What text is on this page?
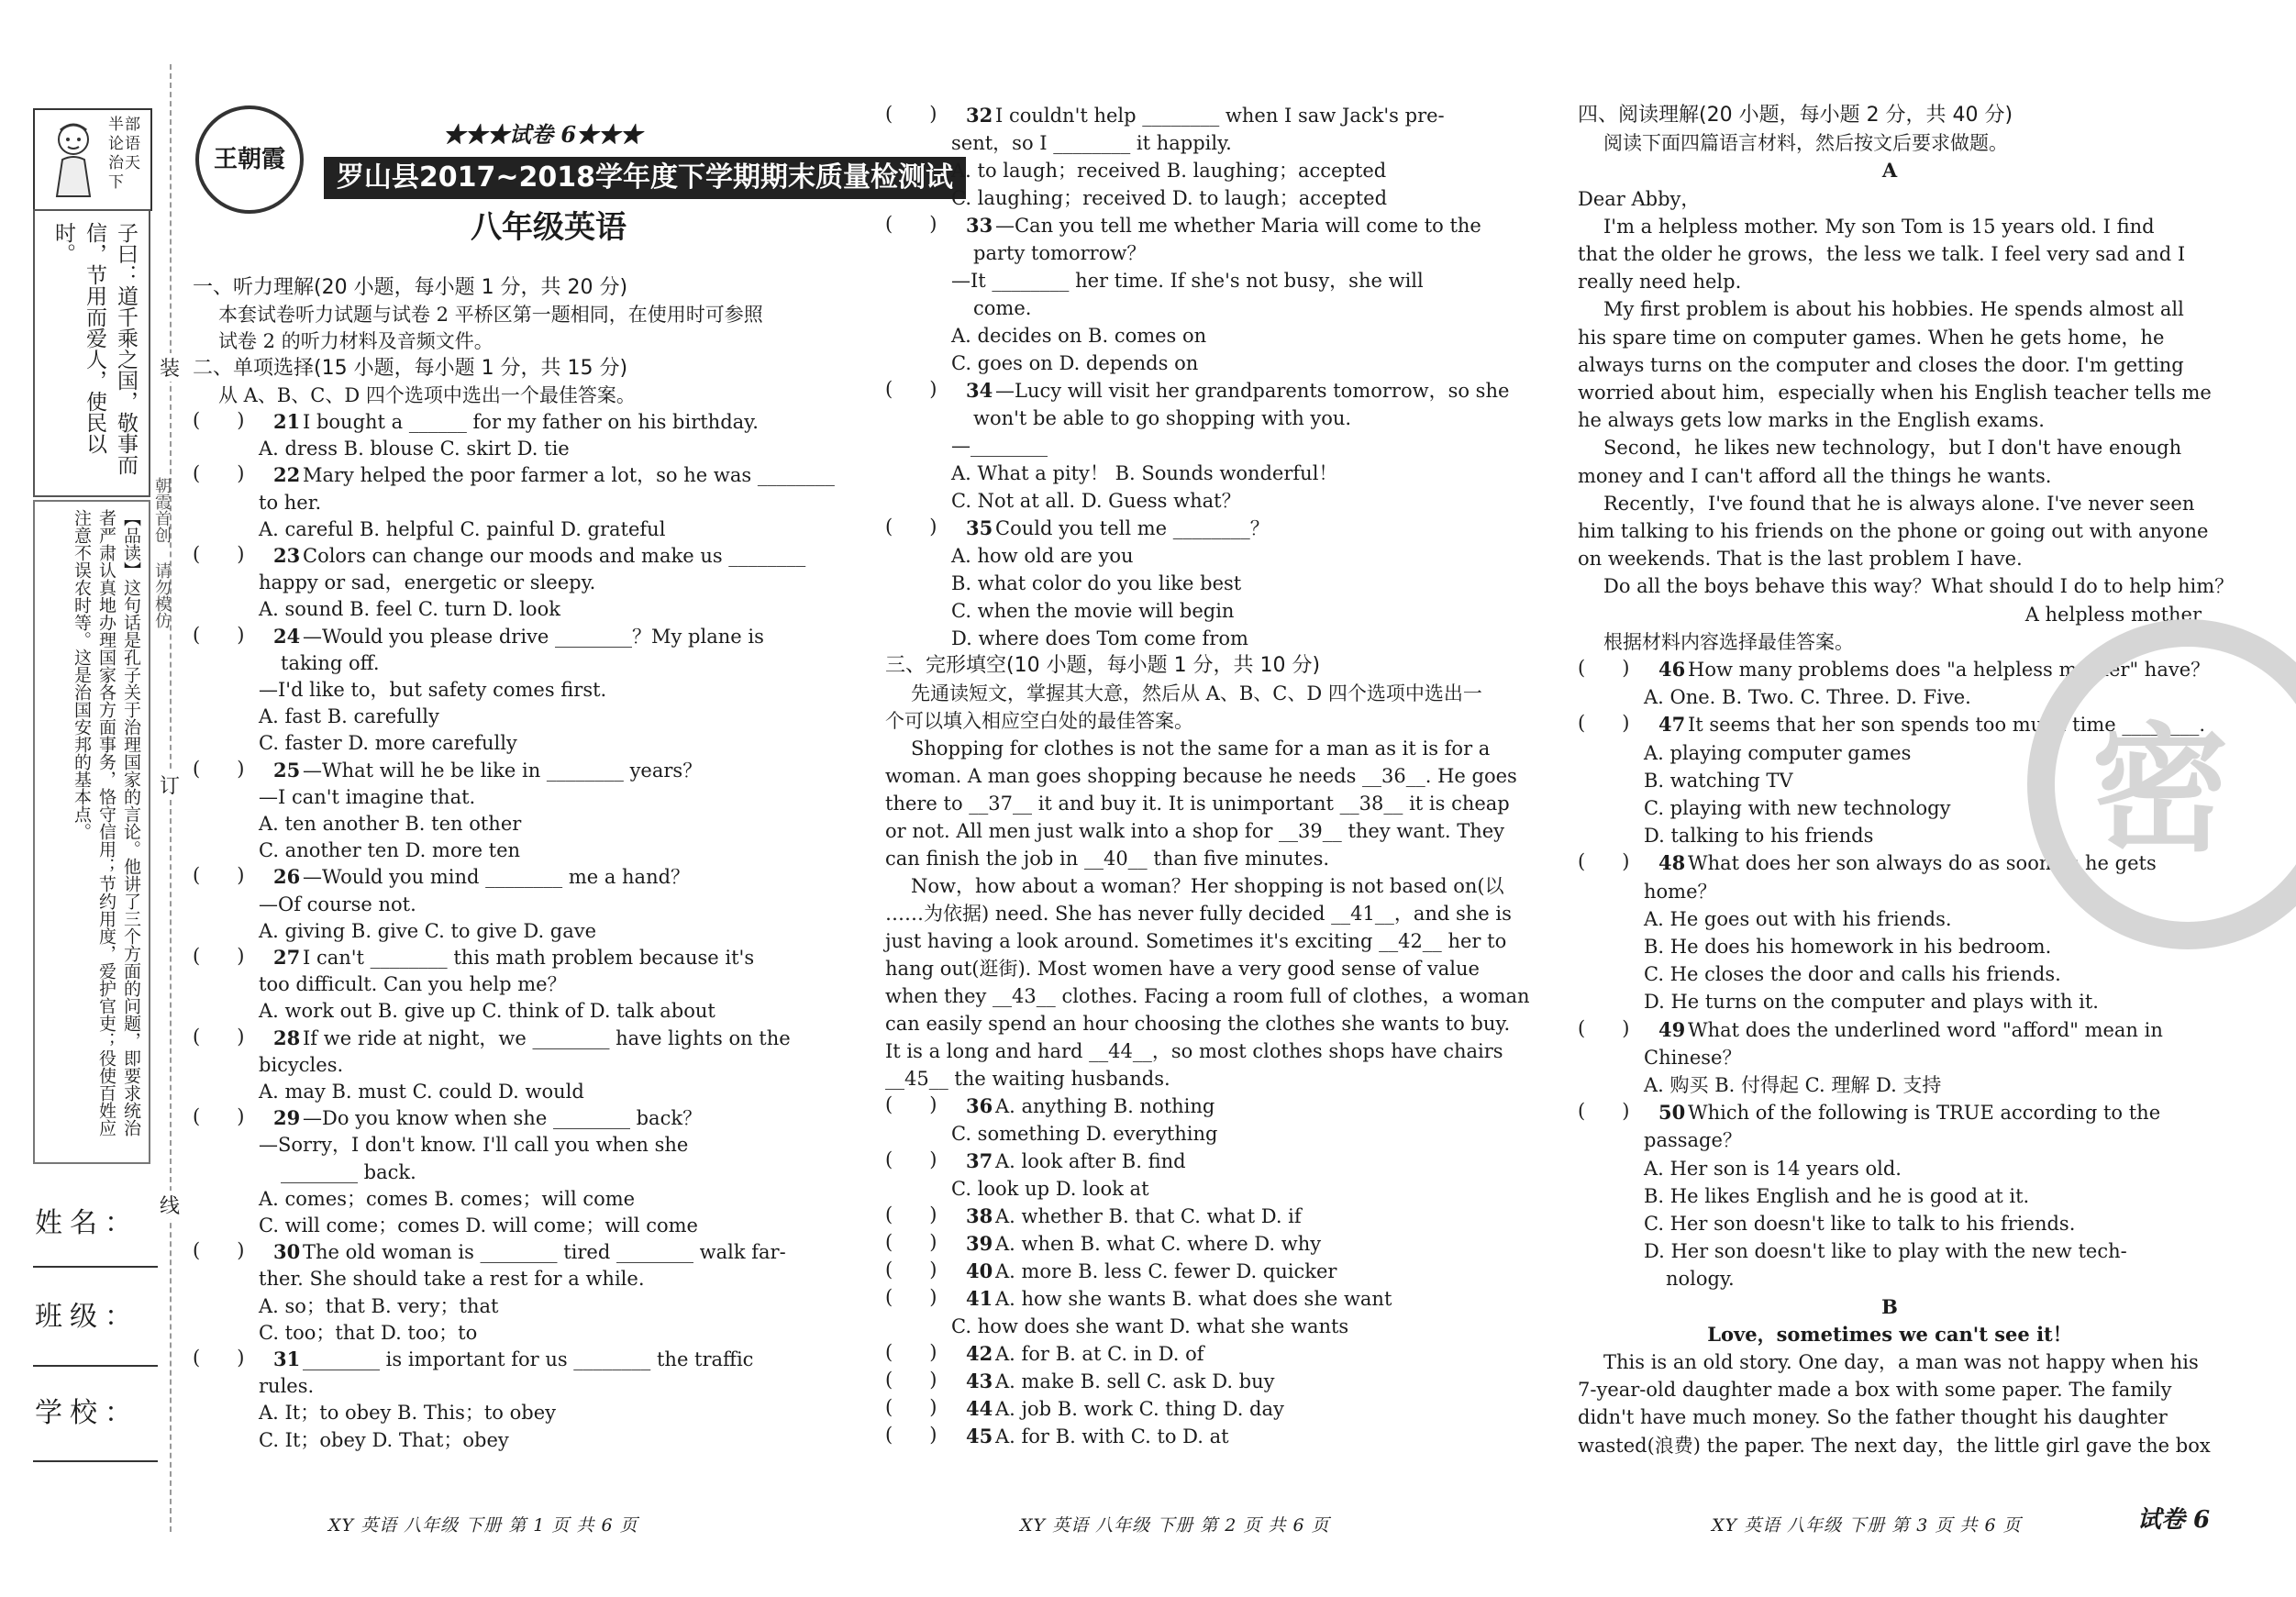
半部论语治天下
子曰：道千乘之国，敬事而信，节用而爱人，使民以时。
【品读】这句话是孔子关于治理国家的言论。他讲了三个方面的问题，即要求统治者严肃认真地办理国家各方面事务，恪守信用；节约用度，爱护官吏；役使百姓应注意不误农时等。这是治国安邦的基本点。
姓名：
班级：
学校：
装
订
线
朝霞首创 请勿模仿
王朝霞
★★★试卷 6★★★
罗山县2017~2018学年度下学期期末质量检测试卷
八年级英语
一、听力理解(20 小题，每小题 1 分，共 20 分)
本套试卷听力试题与试卷 2 平桥区第一题相同，在使用时可参照
试卷 2 的听力材料及音频文件。
二、单项选择(15 小题，每小题 1 分，共 15 分)
从 A、B、C、D 四个选项中选出一个最佳答案。
(      ) 21 I bought a ______ for my father on his birthday.
A. dress B. blouse C. skirt D. tie
(      ) 22 Mary helped the poor farmer a lot，so he was ________
to her.
A. careful B. helpful C. painful D. grateful
(      ) 23 Colors can change our moods and make us ________
happy or sad，energetic or sleepy.
A. sound B. feel C. turn D. look
(      ) 24 —Would you please drive ________？My plane is
taking off.
—I'd like to，but safety comes first.
A. fast B. carefully
C. faster D. more carefully
(      ) 25 —What will he be like in ________ years？
—I can't imagine that.
A. ten another B. ten other
C. another ten D. more ten
(      ) 26 —Would you mind ________ me a hand？
—Of course not.
A. giving B. give C. to give D. gave
(      ) 27 I can't ________ this math problem because it's
too difficult. Can you help me？
A. work out B. give up C. think of D. talk about
(      ) 28 If we ride at night，we ________ have lights on the
bicycles.
A. may B. must C. could D. would
(      ) 29 —Do you know when she ________ back？
—Sorry，I don't know. I'll call you when she
________ back.
A. comes；comes B. comes；will come
C. will come；comes D. will come；will come
(      ) 30 The old woman is ________ tired ________ walk far-
ther. She should take a rest for a while.
A. so；that B. very；that
C. too；that D. too；to
(      ) 31 ________ is important for us ________ the traffic
rules.
A. It；to obey B. This；to obey
C. It；obey D. That；obey
(      ) 32 I couldn't help ________ when I saw Jack's pre-
sent，so I ________ it happily.
A. to laugh；received B. laughing；accepted
C. laughing；received D. to laugh；accepted
(      ) 33 —Can you tell me whether Maria will come to the
party tomorrow？
—It ________ her time. If she's not busy，she will
come.
A. decides on B. comes on
C. goes on D. depends on
(      ) 34 —Lucy will visit her grandparents tomorrow，so she
won't be able to go shopping with you.
—________
A. What a pity！ B. Sounds wonderful！
C. Not at all. D. Guess what？
(      ) 35 Could you tell me ________？
A. how old are you
B. what color do you like best
C. when the movie will begin
D. where does Tom come from
三、完形填空(10 小题，每小题 1 分，共 10 分)
先通读短文，掌握其大意，然后从 A、B、C、D 四个选项中选出一
个可以填入相应空白处的最佳答案。
Shopping for clothes is not the same for a man as it is for a
woman. A man goes shopping because he needs __36__. He goes
there to __37__ it and buy it. It is unimportant __38__ it is cheap
or not. All men just walk into a shop for __39__ they want. They
can finish the job in __40__ than five minutes.
Now，how about a woman？Her shopping is not based on(以
……为依据) need. She has never fully decided __41__，and she is
just having a look around. Sometimes it's exciting __42__ her to
hang out(逛街). Most women have a very good sense of value
when they __43__ clothes. Facing a room full of clothes，a woman
can easily spend an hour choosing the clothes she wants to buy.
It is a long and hard __44__，so most clothes shops have chairs
__45__ the waiting husbands.
(      ) 36 A. anything B. nothing
C. something D. everything
(      ) 37 A. look after B. find
C. look up D. look at
(      ) 38 A. whether B. that C. what D. if
(      ) 39 A. when B. what C. where D. why
(      ) 40 A. more B. less C. fewer D. quicker
(      ) 41 A. how she wants B. what does she want
C. how does she want D. what she wants
(      ) 42 A. for B. at C. in D. of
(      ) 43 A. make B. sell C. ask D. buy
(      ) 44 A. job B. work C. thing D. day
(      ) 45 A. for B. with C. to D. at
四、阅读理解(20 小题，每小题 2 分，共 40 分)
阅读下面四篇语言材料，然后按文后要求做题。
A
Dear Abby，
I'm a helpless mother. My son Tom is 15 years old. I find
that the older he grows，the less we talk. I feel very sad and I
really need help.
My first problem is about his hobbies. He spends almost all
his spare time on computer games. When he gets home，he
always turns on the computer and closes the door. I'm getting
worried about him，especially when his English teacher tells me
he always gets low marks in the English exams.
Second，he likes new technology，but I don't have enough
money and I can't afford all the things he wants.
Recently，I've found that he is always alone. I've never seen
him talking to his friends on the phone or going out with anyone
on weekends. That is the last problem I have.
Do all the boys behave this way？What should I do to help him？
A helpless mother
根据材料内容选择最佳答案。
(      ) 46 How many problems does "a helpless mother" have？
A. One. B. Two. C. Three. D. Five.
(      ) 47 It seems that her son spends too much time ________.
A. playing computer games
B. watching TV
C. playing with new technology
D. talking to his friends
(      ) 48 What does her son always do as soon as he gets
home？
A. He goes out with his friends.
B. He does his homework in his bedroom.
C. He closes the door and calls his friends.
D. He turns on the computer and plays with it.
(      ) 49 What does the underlined word "afford" mean in
Chinese？
A. 购买 B. 付得起 C. 理解 D. 支持
(      ) 50 Which of the following is TRUE according to the
passage？
A. Her son is 14 years old.
B. He likes English and he is good at it.
C. Her son doesn't like to talk to his friends.
D. Her son doesn't like to play with the new tech-
nology.
B
Love，sometimes we can't see it！
This is an old story. One day，a man was not happy when his
7-year-old daughter made a box with some paper. The family
didn't have much money. So the father thought his daughter
wasted(浪费) the paper. The next day，the little girl gave the box
XY 英语 八年级 下册 第 1 页 共 6 页	XY 英语 八年级 下册 第 2 页 共 6 页	XY 英语 八年级 下册 第 3 页 共 6 页	试卷 6
密
